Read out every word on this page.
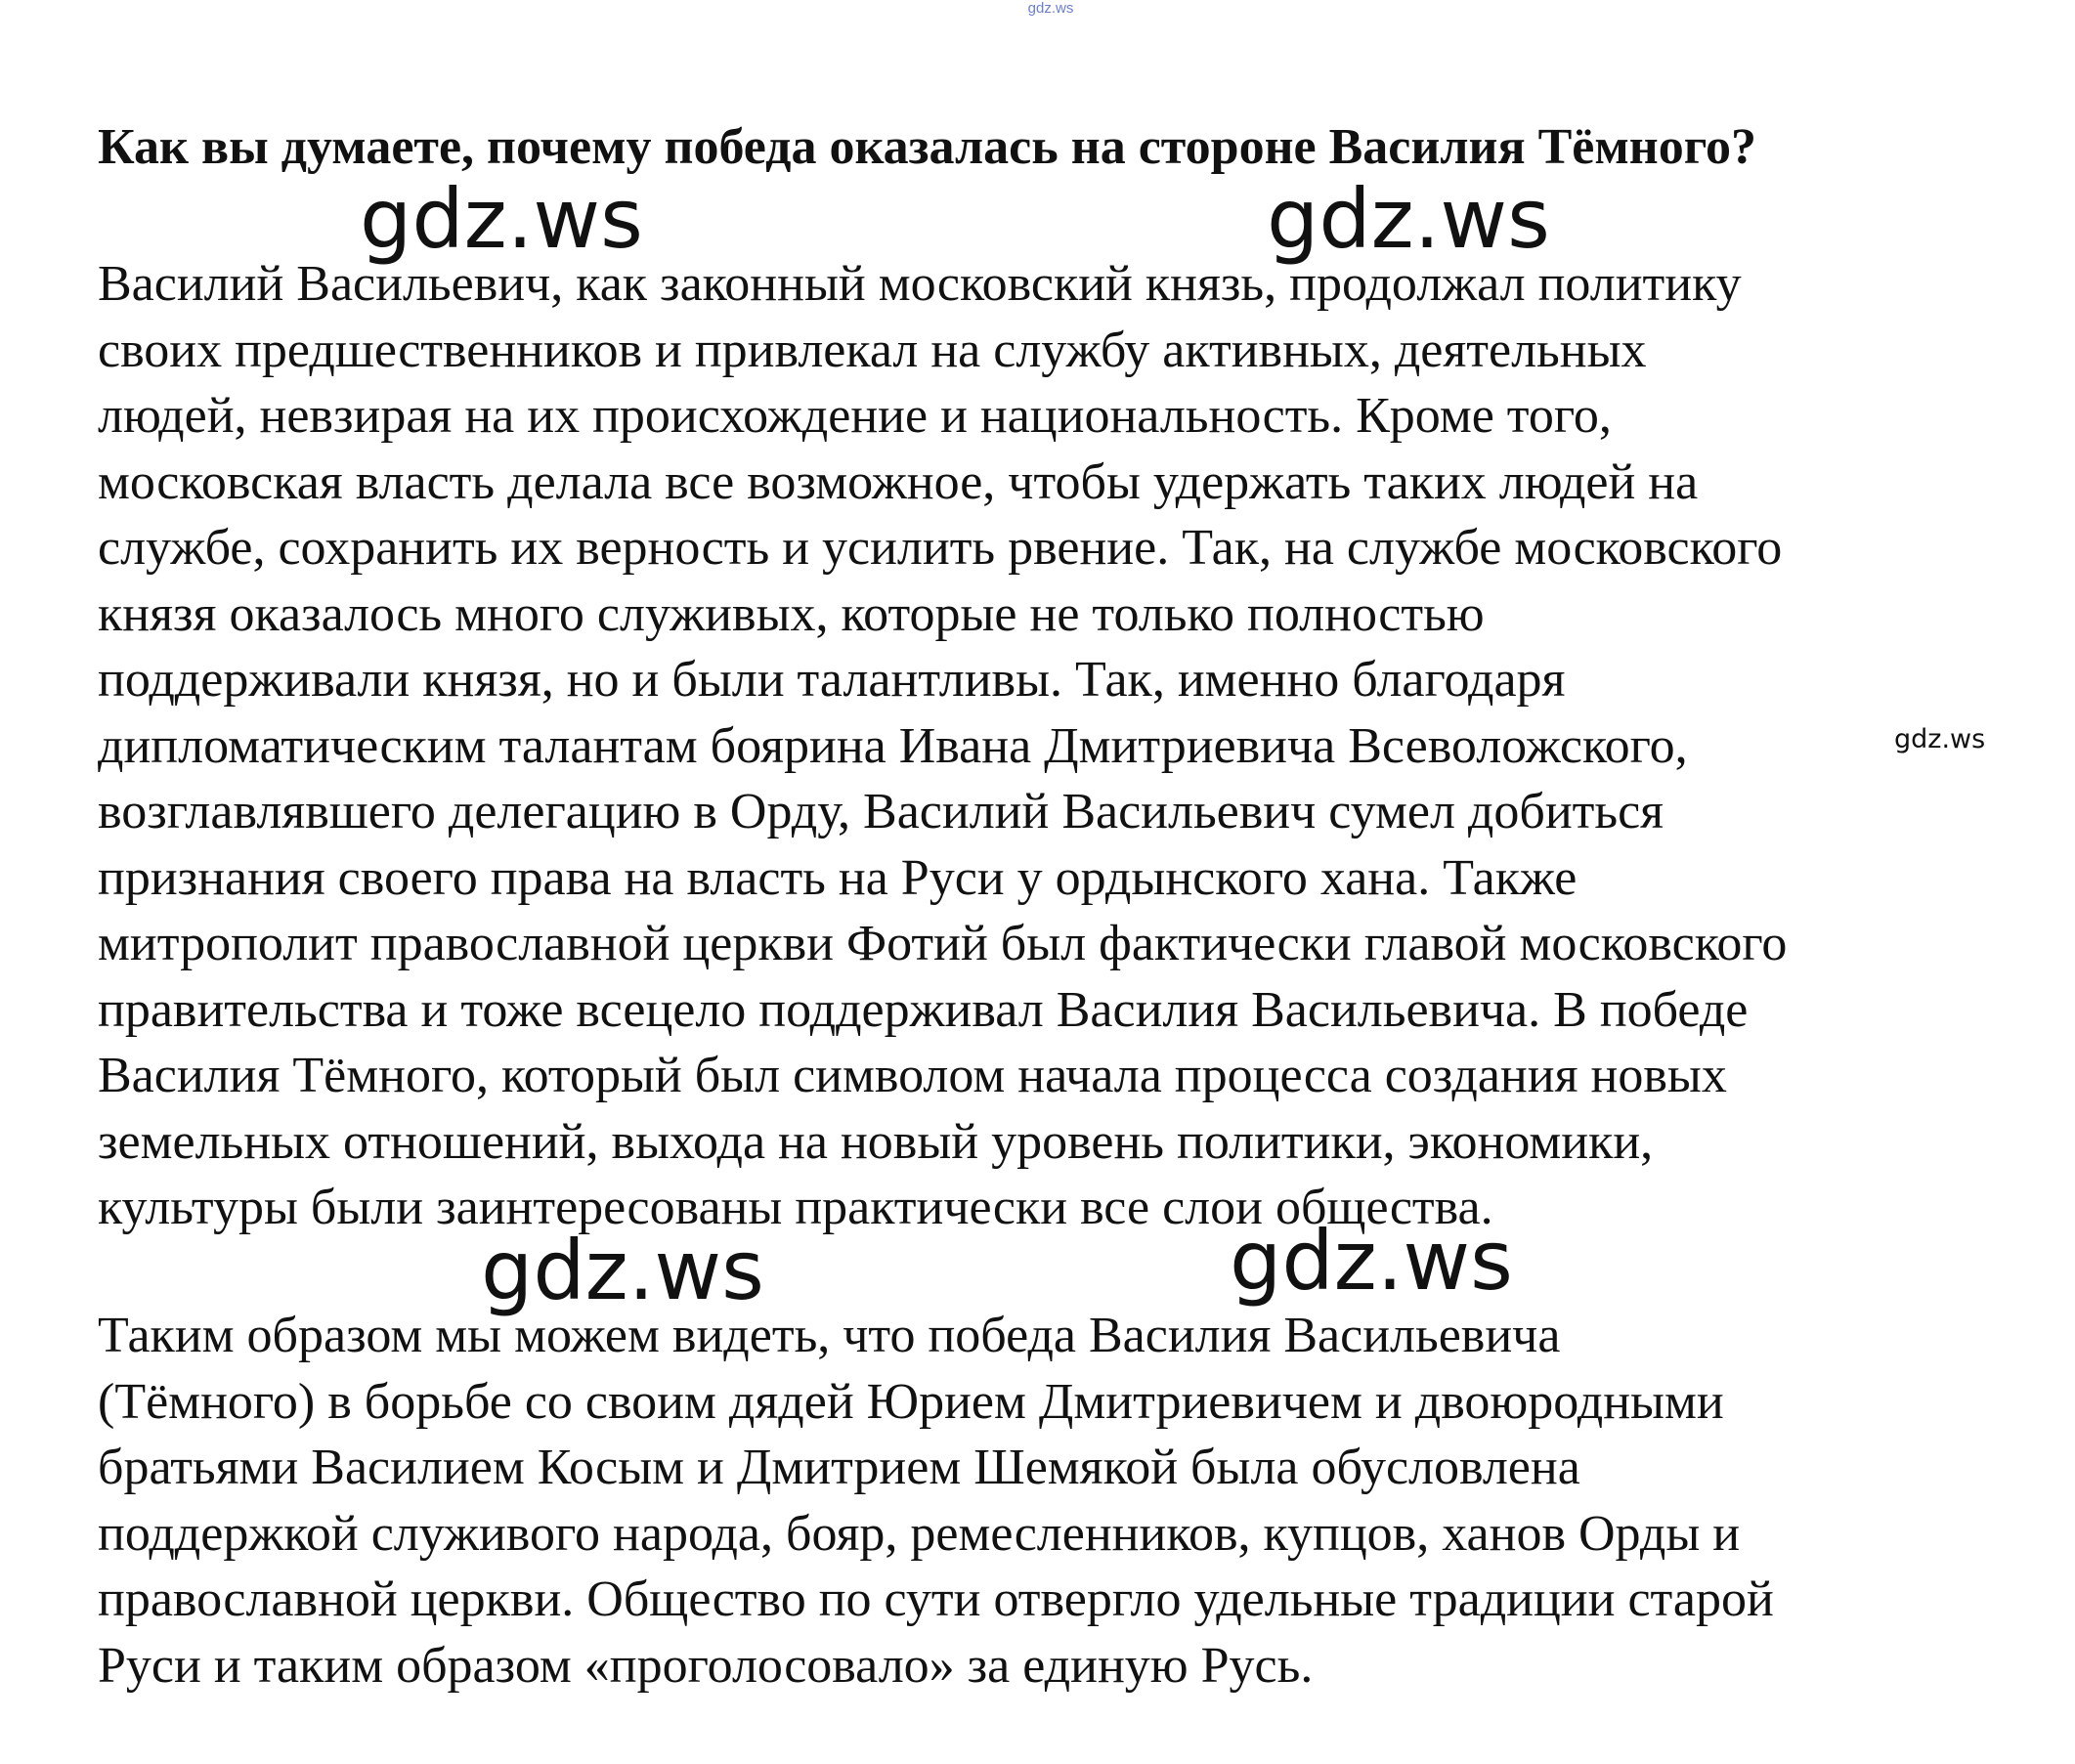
gdz.ws
Как вы думаете, почему победа оказалась на стороне Василия Тёмного?
Василий Васильевич, как законный московский князь, продолжал политику
своих предшественников и привлекал на службу активных, деятельных
людей, невзирая на их происхождение и национальность. Кроме того,
московская власть делала все возможное, чтобы удержать таких людей на
службе, сохранить их верность и усилить рвение. Так, на службе московского
князя оказалось много служивых, которые не только полностью
поддерживали князя, но и были талантливы. Так, именно благодаря
дипломатическим талантам боярина Ивана Дмитриевича Всеволожского,
возглавлявшего делегацию в Орду, Василий Васильевич сумел добиться
признания своего права на власть на Руси у ордынского хана. Также
митрополит православной церкви Фотий был фактически главой московского
правительства и тоже всецело поддерживал Василия Васильевича. В победе
Василия Тёмного, который был символом начала процесса создания новых
земельных отношений, выхода на новый уровень политики, экономики,
культуры были заинтересованы практически все слои общества.
Таким образом мы можем видеть, что победа Василия Васильевича
(Тёмного) в борьбе со своим дядей Юрием Дмитриевичем и двоюродными
братьями Василием Косым и Дмитрием Шемякой была обусловлена
поддержкой служивого народа, бояр, ремесленников, купцов, ханов Орды и
православной церкви. Общество по сути отвергло удельные традиции старой
Руси и таким образом «проголосовало» за единую Русь.
gdz.ws	gdz.ws
gdz.ws	gdz.ws
gdz.ws
